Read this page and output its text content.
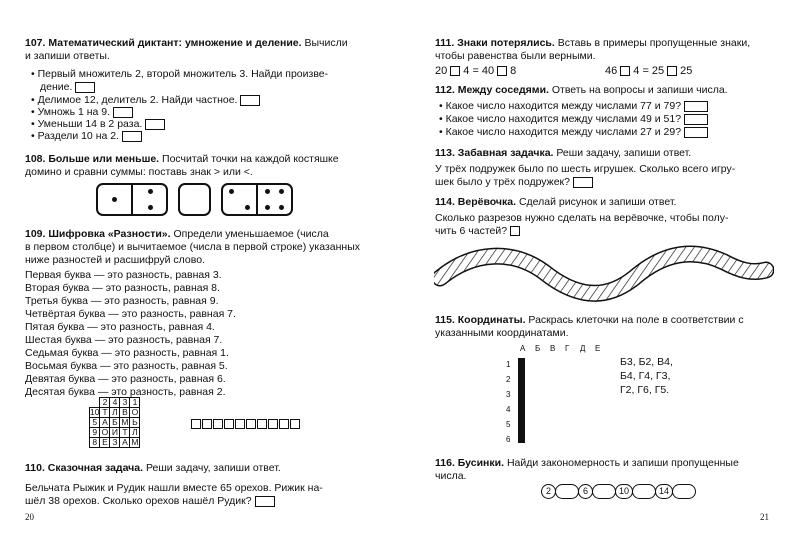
107. Математический диктант: умножение и деление. Вычисли
и запиши ответы.
• Первый множитель 2, второй множитель 3. Найди произве-
дение.
• Делимое 12, делитель 2. Найди частное.
• Умножь 1 на 9.
• Уменьши 14 в 2 раза.
• Раздели 10 на 2.
108. Больше или меньше. Посчитай точки на каждой костяшке
домино и сравни суммы: поставь знак > или <.
109. Шифровка «Разности». Определи уменьшаемое (числа
в первом столбце) и вычитаемое (числа в первой строке) указанных
ниже разностей и расшифруй слово.
Первая буква — это разность, равная 3.
Вторая буква — это разность, равная 8.
Третья буква — это разность, равная 9.
Четвёртая буква — это разность, равная 7.
Пятая буква — это разность, равная 4.
Шестая буква — это разность, равная 7.
Седьмая буква — это разность, равная 1.
Восьмая буква — это разность, равная 5.
Девятая буква — это разность, равная 6.
Десятая буква — это разность, равная 2.
	2	4	3	1
10	Т	Л	В	О
5	А	Б	М	Ь
9	О	И	Т	Л
8	Е	З	А	М
110. Сказочная задача. Реши задачу, запиши ответ.
Бельчата Рыжик и Рудик нашли вместе 65 орехов. Рижик на-
шёл 38 орехов. Сколько орехов нашёл Рудик?
20
111. Знаки потерялись. Вставь в примеры пропущенные знаки,
чтобы равенства были верными.
20 4 = 40 8	46 4 = 25 25
112. Между соседями. Ответь на вопросы и запиши числа.
• Какое число находится между числами 77 и 79?
• Какое число находится между числами 49 и 51?
• Какое число находится между числами 27 и 29?
113. Забавная задачка. Реши задачу, запиши ответ.
У трёх подружек было по шесть игрушек. Сколько всего игру-
шек было у трёх подружек?
114. Верёвочка. Сделай рисунок и запиши ответ.
Сколько разрезов нужно сделать на верёвочке, чтобы полу-
чить 6 частей?
115. Координаты. Раскрась клеточки на поле в соответствии с
указанными координатами.
А Б В Г Д Е
1
2
3
4
5
6

Б3, Б2, В4,
Б4, Г4, Г3,
Г2, Г6, Г5.
116. Бусинки. Найди закономерность и запиши пропущенные
числа.
2	6	10	14
21
